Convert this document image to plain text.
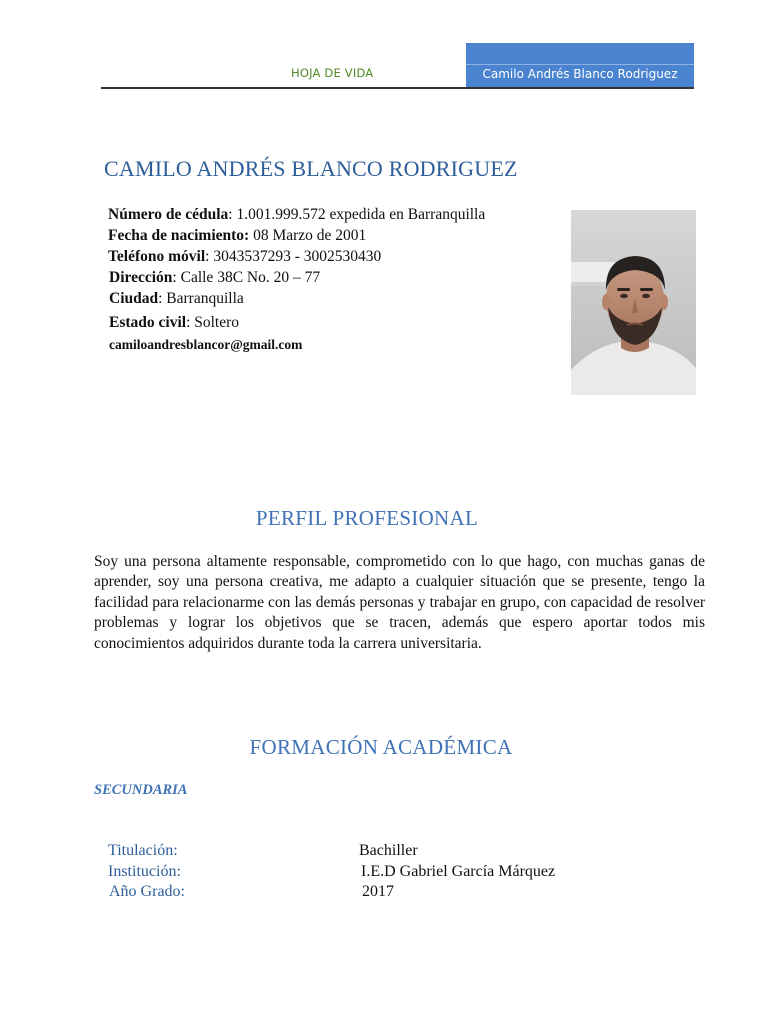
HOJA DE VIDA	Camilo Andrés Blanco Rodriguez
CAMILO ANDRÉS BLANCO RODRIGUEZ
Número de cédula: 1.001.999.572 expedida en Barranquilla
Fecha de nacimiento: 08 Marzo de 2001
Teléfono móvil: 3043537293 - 3002530430
Dirección: Calle 38C No. 20 – 77
Ciudad: Barranquilla
Estado civil: Soltero
camiloandresblancor@gmail.com
PERFIL PROFESIONAL
Soy una persona altamente responsable, comprometido con lo que hago, con muchas ganas de aprender, soy una persona creativa, me adapto a cualquier situación que se presente, tengo la facilidad para relacionarme con las demás personas y trabajar en grupo, con capacidad de resolver problemas y lograr los objetivos que se tracen, además que espero aportar todos mis conocimientos adquiridos durante toda la carrera universitaria.
FORMACIÓN ACADÉMICA
SECUNDARIA
Titulación:	Bachiller
Institución:	I.E.D Gabriel García Márquez
Año Grado:	2017
